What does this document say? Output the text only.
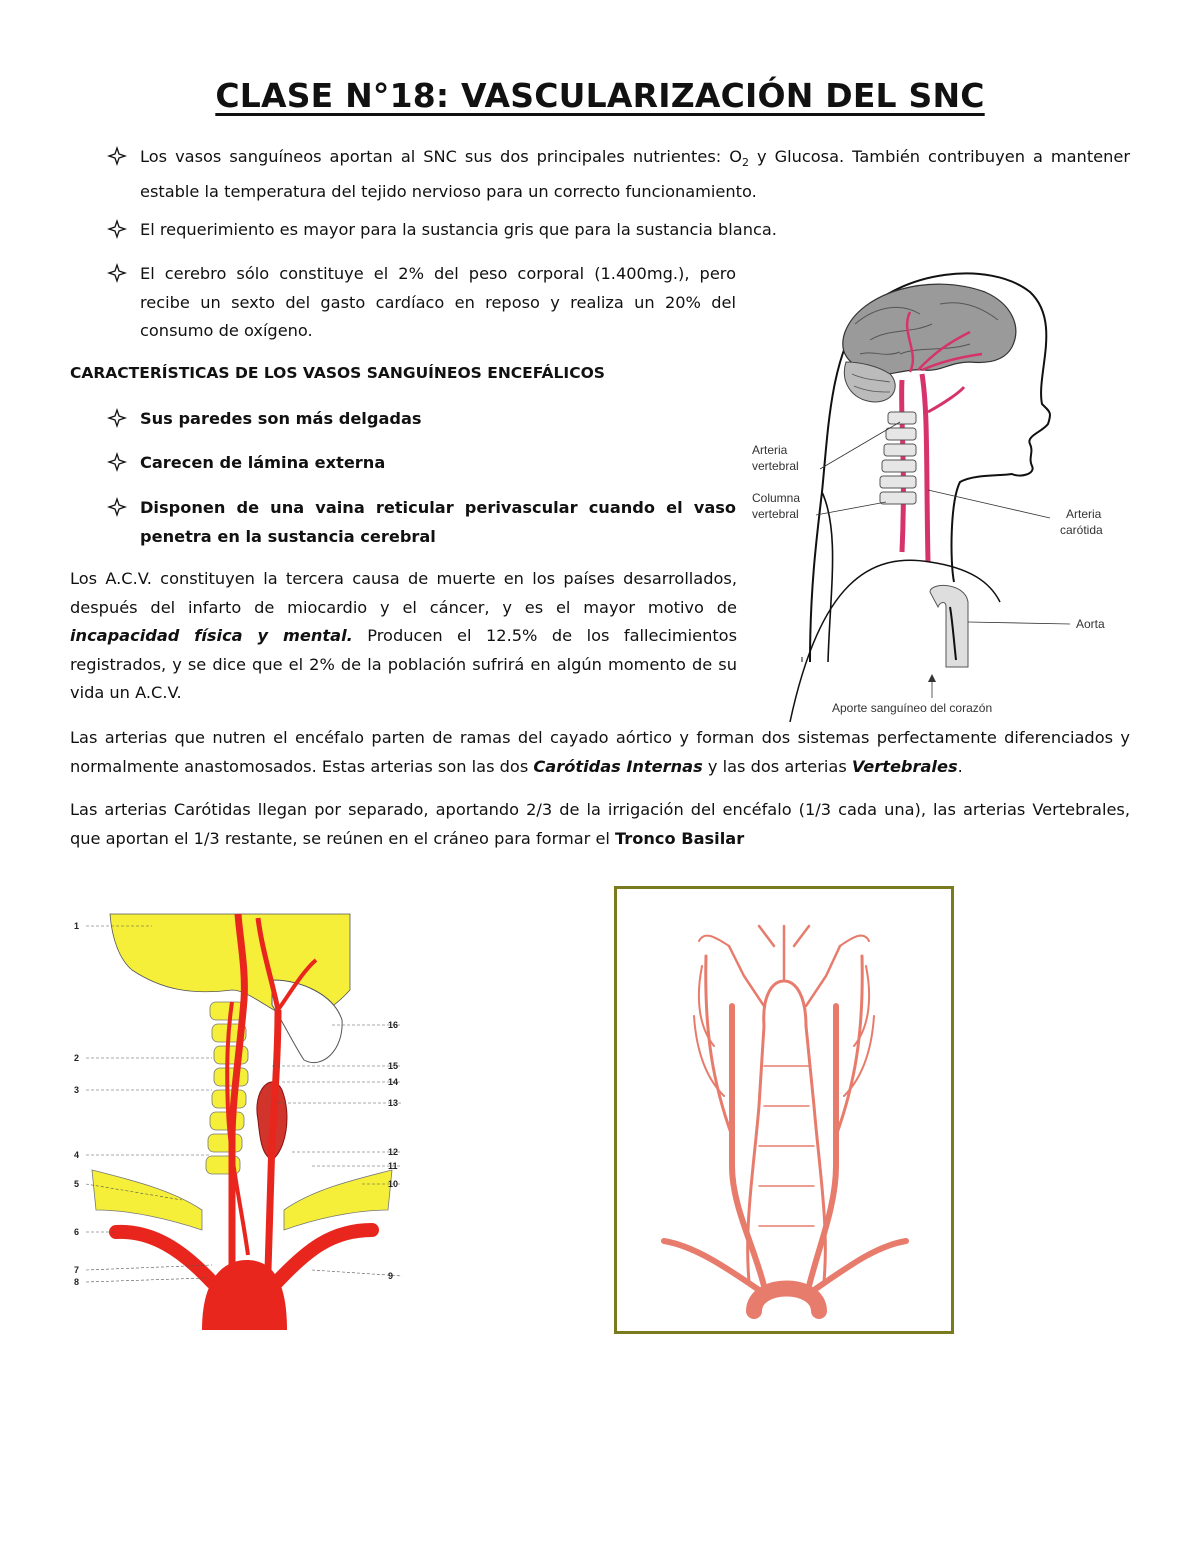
CLASE N°18: VASCULARIZACIÓN DEL SNC
Los vasos sanguíneos aportan al SNC sus dos principales nutrientes: $O_2$ y Glucosa. También contribuyen a mantener estable la temperatura del tejido nervioso para un correcto funcionamiento.
El requerimiento es mayor para la sustancia gris que para la sustancia blanca.
El cerebro sólo constituye el 2% del peso corporal (1.400mg.), pero recibe un sexto del gasto cardíaco en reposo y realiza un 20% del consumo de oxígeno.
CARACTERÍSTICAS DE LOS VASOS SANGUÍNEOS ENCEFÁLICOS
Sus paredes son más delgadas
Carecen de lámina externa
Disponen de una vaina reticular perivascular cuando el vaso penetra en la sustancia cerebral
Los A.C.V. constituyen la tercera causa de muerte en los países desarrollados, después del infarto de miocardio y el cáncer, y es el mayor motivo de incapacidad física y mental. Producen el 12.5% de los fallecimientos registrados, y se dice que el 2% de la población sufrirá en algún momento de su vida un A.C.V.
Las arterias que nutren el encéfalo parten de ramas del cayado aórtico y forman dos sistemas perfectamente diferenciados y normalmente anastomosados. Estas arterias son las dos Carótidas Internas y las dos arterias Vertebrales.
Las arterias Carótidas llegan por separado, aportando 2/3 de la irrigación del encéfalo (1/3 cada una), las arterias Vertebrales, que aportan el 1/3 restante, se reúnen en el cráneo para formar el Tronco Basilar
Arteria
vertebral
Columna
vertebral	Arteria
carótida
Aorta
Aporte sanguíneo del corazón
1
2
3
4
5
6
7
8
16
15
14
13
12
11
10
9
